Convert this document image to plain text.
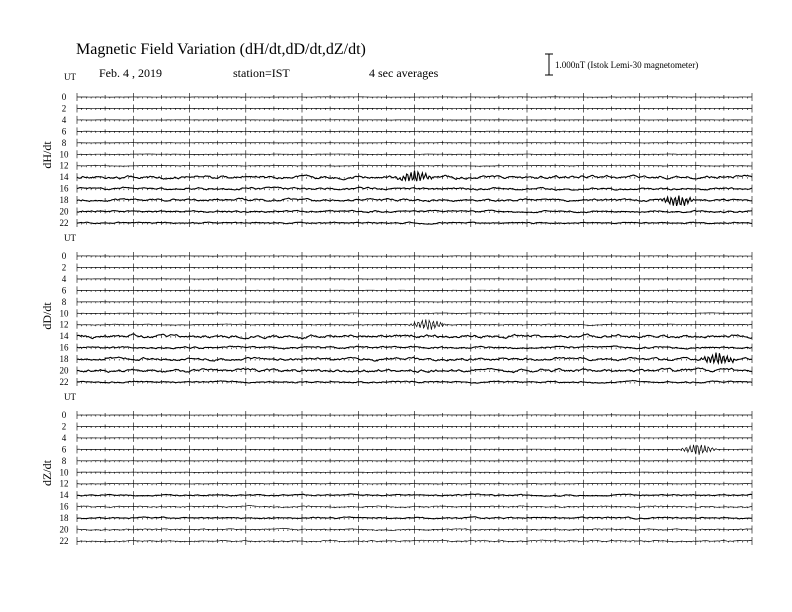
Magnetic Field Variation (dH/dt,dD/dt,dZ/dt)
Feb. 4 , 2019	station=IST	4 sec averages
1.000nT (Istok Lemi-30 magnetometer)
UT
dH/dt
0
2
4
6
8
10
12
14
16
18
20
22
UT
dD/dt
0
2
4
6
8
10
12
14
16
18
20
22
UT
dZ/dt
0
2
4
6
8
10
12
14
16
18
20
22
